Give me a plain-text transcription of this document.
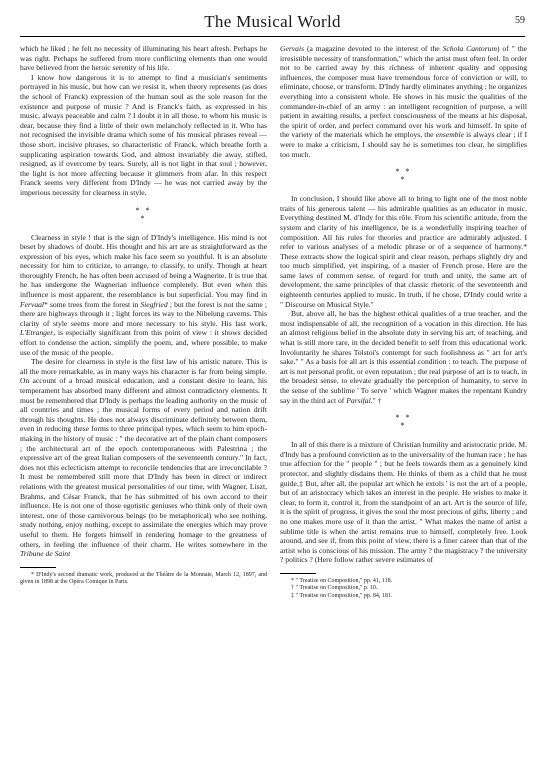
The Musical World	59

which he liked ; he felt no necessity of illuminating his heart afresh. Perhaps he was right. Perhaps he suffered from more conflicting elements than one would have believed from the heroic serenity of his life.

I know how dangerous it is to attempt to find a musician's sentiments portrayed in his music, but how can we resist it, when theory represents (as does the school of Franck) expression of the human soul as the sole reason for the existence and purpose of music ? And is Franck's faith, as expressed in his music, always peaceable and calm ? I doubt it in all those, to whom his music is dear, because they find a little of their own melancholy reflected in it. Who has not recognised the invisible drama which some of his musical phrases reveal — those short, incisive phrases, so characteristic of Franck, which breathe forth a supplicating aspiration towards God, and almost invariably die away, stifled, resigned, as if overcome by tears. Surely, all is not light in that soul ; however, the light is not more affecting because it glimmers from afar. In this respect Franck seems very different from D'Indy — he was not carried away by the imperious necessity for clearness in style.

* *
*

Clearness in style ! that is the sign of D'Indy's intelligence. His mind is not beset by shadows of doubt. His thought and his art are as straightforward as the expression of his eyes, which make his face seem so youthful. It is an absolute necessity for him to criticize, to arrange, to classify, to unify. Though at heart thoroughly French, he has often been accused of being a Wagnerite. It is true that he has undergone the Wagnerian influence completely. But even when this influence is most apparent, the resemblance is but superficial. You may find in Fervaal* some trees from the forest in Siegfried ; but the forest is not the same ; there are highways through it ; light forces its way to the Nibelung caverns. This clarity of style seems more and more necessary to his style. His last work, L'Etranger, is especially significant from this point of view : it shows decided effort to condense the action, simplify the poem, and, where possible, to make use of the music of the people.

The desire for clearness in style is the first law of his artistic nature. This is all the more remarkable, as in many ways his character is far from being simple. On account of a broad musical education, and a constant desire to learn, his temperament has absorbed many different and almost contradictory elements. It must be remembered that D'Indy is perhaps the leading authority on the music of all countries and times ; the musical forms of every period and nation drift through his thoughts. He does not always discriminate definitely between them, even in reducing these forms to three principal types, which seem to him epoch-making in the history of music : " the decorative art of the plain chant composers ; the architectural art of the epoch contemporaneous with Palestrina ; the expressive art of the great Italian composers of the seventeenth century." In fact, does not this eclecticism attempt to reconcile tendencies that are irreconcilable ? It must be remembered still more that D'Indy has been in direct or indirect relations with the greatest musical personalities of our time, with Wagner, Liszt, Brahms, and César Franck, that he has submitted of his own accord to their influence. He is not one of those egotistic geniuses who think only of their own interest, one of those carnivorous beings (to be metaphorical) who see nothing, study nothing, enjoy nothing, except to assimilate the energies which may prove useful to them. He forgets himself in rendering homage to the greatness of others, in feeling the influence of their charm. He writes somewhere in the Tribune de Saint

* D'Indy's second dramatic work, produced at the Théâtre de la Monnaie, March 12, 1897, and given in 1898 at the Opéra Comique in Paris.

Gervais (a magazine devoted to the interest of the Schola Cantorum) of " the irresistible necessity of transformation," which the artist must often feel. In order not to be carried away by this richness of inherent quality and opposing influences, the composer must have tremendous force of conviction or will, to eliminate, choose, or transform. D'Indy hardly eliminates anything ; he organizes everything into a consistent whole. He shows in his music the qualities of the commander-in-chief of an army : an intelligent recognition of purpose, a will patient in awaiting results, a perfect consciousness of the means at his disposal, the spirit of order, and perfect command over his work and himself. In spite of the variety of the materials which he employs, the ensemble is always clear ; if I were to make a criticism, I should say he is sometimes too clear, he simplifies too much.

* *
*

In conclusion, I should like above all to bring to light one of the most noble traits of his generous talent — his admirable qualities as an educator in music. Everything destined M. d'Indy for this rôle. From his scientific attitude, from the system and clarity of his intelligence, he is a wonderfully inspiring teacher of composition. All his rules for theories and practice are admirably adjusted. I refer to various analyses of a melodic phrase or of a sequence of harmony.* These extracts show the logical spirit and clear reason, perhaps slightly dry and too much simplified, yet inspiring, of a master of French prose. Here are the same laws of common sense, of regard for truth and unity, the same art of development, the same principles of that classic rhetoric of the seventeenth and eighteenth centuries applied to music. In truth, if he chose, D'Indy could write a " Discourse on Musical Style."

But, above all, he has the highest ethical qualities of a true teacher, and the most indispensable of all, the recognition of a vocation in this direction. He has an almost religious belief in the absolute duty in serving his art, of teaching, and what is still more rare, in the decided benefit to self from this educational work. Involuntarily he shares Tolstoi's contempt for such foolishness as " art for art's sake." " As a basis for all art is this essential condition : to teach. The purpose of art is not personal profit, or even reputation ; the real purpose of art is to teach, in the broadest sense, to elevate gradually the perception of humanity, to serve in the sense of the sublime ' To serve ' which Wagner makes the repentant Kundry say in the third act of Parsifal." †

* *
*

In all of this there is a mixture of Christian humility and aristocratic pride. M. d'Indy has a profound conviction as to the universality of the human race ; he has true affection for the " people " ; but he feels towards them as a genuinely kind protector, and slightly disdains them. He thinks of them as a child that he must guide.‡ But, after all, the popular art which he extols ' is not the art of a people, but of an aristocracy which takes an interest in the people. He wishes to make it clear, to form it, control it, from the standpoint of an art. Art is the source of life, it is the spirit of progress, it gives the soul the most precious of gifts, liberty ; and no one makes more use of it than the artist. " What makes the name of artist a sublime title is when the artist remains true to himself, completely free. Look around, and see if, from this point of view, there is a finer career than that of the artist who is conscious of his mission. The army ? the magistracy ? the university ? politics ? (Here follow rather severe estimates of

* " Treatise on Composition," pp. 41, 118.

† " Treatise on Composition," p. 10.

‡ " Treatise on Composition," pp. 84, 181.
